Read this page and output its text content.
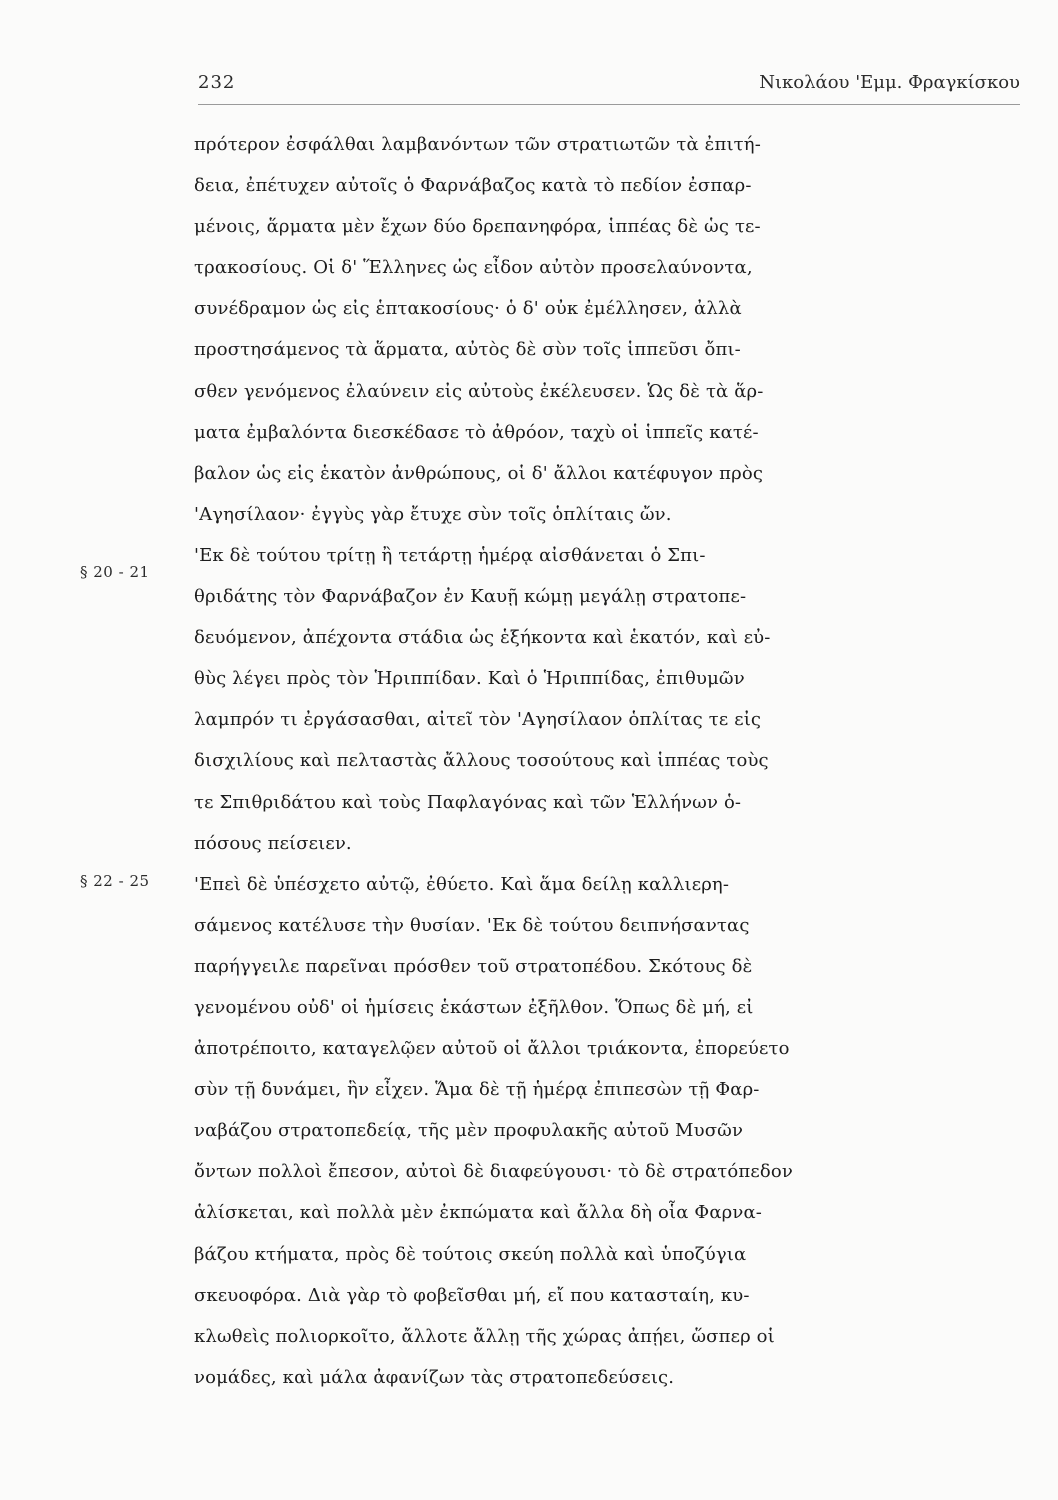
232	Νικολάου 'Εμμ. Φραγκίσκου
§ 20 - 21
§ 22 - 25
πρότερον ἐσφάλθαι λαμβανόντων τῶν στρατιωτῶν τὰ ἐπιτή-
δεια, ἐπέτυχεν αὐτοῖς ὁ Φαρνάβαζος κατὰ τὸ πεδίον ἐσπαρ-
μένοις, ἅρματα μὲν ἔχων δύο δρεπανηφόρα, ἱππέας δὲ ὡς τε-
τρακοσίους. Οἱ δ' Ἕλληνες ὡς εἶδον αὐτὸν προσελαύνοντα,
συνέδραμον ὡς εἰς ἑπτακοσίους· ὁ δ' οὐκ ἐμέλλησεν, ἀλλὰ
προστησάμενος τὰ ἅρματα, αὐτὸς δὲ σὺν τοῖς ἱππεῦσι ὄπι-
σθεν γενόμενος ἐλαύνειν εἰς αὐτοὺς ἐκέλευσεν. Ὡς δὲ τὰ ἅρ-
ματα ἐμβαλόντα διεσκέδασε τὸ ἀθρόον, ταχὺ οἱ ἱππεῖς κατέ-
βαλον ὡς εἰς ἑκατὸν ἀνθρώπους, οἱ δ' ἄλλοι κατέφυγον πρὸς
'Αγησίλαον· ἐγγὺς γὰρ ἔτυχε σὺν τοῖς ὁπλίταις ὤν.
'Εκ δὲ τούτου τρίτῃ ἢ τετάρτῃ ἡμέρᾳ αἰσθάνεται ὁ Σπι-
θριδάτης τὸν Φαρνάβαζον ἐν Καυῇ κώμῃ μεγάλῃ στρατοπε-
δευόμενον, ἀπέχοντα στάδια ὡς ἑξήκοντα καὶ ἑκατόν, καὶ εὐ-
θὺς λέγει πρὸς τὸν Ἡριππίδαν. Καὶ ὁ Ἡριππίδας, ἐπιθυμῶν
λαμπρόν τι ἐργάσασθαι, αἰτεῖ τὸν 'Αγησίλαον ὁπλίτας τε εἰς
δισχιλίους καὶ πελταστὰς ἄλλους τοσούτους καὶ ἱππέας τοὺς
τε Σπιθριδάτου καὶ τοὺς Παφλαγόνας καὶ τῶν Ἑλλήνων ὁ-
πόσους πείσειεν.
'Επεὶ δὲ ὑπέσχετο αὐτῷ, ἐθύετο. Καὶ ἅμα δείλῃ καλλιερη-
σάμενος κατέλυσε τὴν θυσίαν. 'Εκ δὲ τούτου δειπνήσαντας
παρήγγειλε παρεῖναι πρόσθεν τοῦ στρατοπέδου. Σκότους δὲ
γενομένου οὐδ' οἱ ἡμίσεις ἑκάστων ἐξῆλθον. Ὅπως δὲ μή, εἰ
ἀποτρέποιτο, καταγελῷεν αὐτοῦ οἱ ἄλλοι τριάκοντα, ἐπορεύετο
σὺν τῇ δυνάμει, ἣν εἶχεν. Ἅμα δὲ τῇ ἡμέρᾳ ἐπιπεσὼν τῇ Φαρ-
ναβάζου στρατοπεδείᾳ, τῆς μὲν προφυλακῆς αὐτοῦ Μυσῶν
ὄντων πολλοὶ ἔπεσον, αὐτοὶ δὲ διαφεύγουσι· τὸ δὲ στρατόπεδον
ἁλίσκεται, καὶ πολλὰ μὲν ἐκπώματα καὶ ἄλλα δὴ οἷα Φαρνα-
βάζου κτήματα, πρὸς δὲ τούτοις σκεύη πολλὰ καὶ ὑποζύγια
σκευοφόρα. Διὰ γὰρ τὸ φοβεῖσθαι μή, εἴ που κατασταίη, κυ-
κλωθεὶς πολιορκοῖτο, ἄλλοτε ἄλλῃ τῆς χώρας ἀπῄει, ὥσπερ οἱ
νομάδες, καὶ μάλα ἀφανίζων τὰς στρατοπεδεύσεις.
